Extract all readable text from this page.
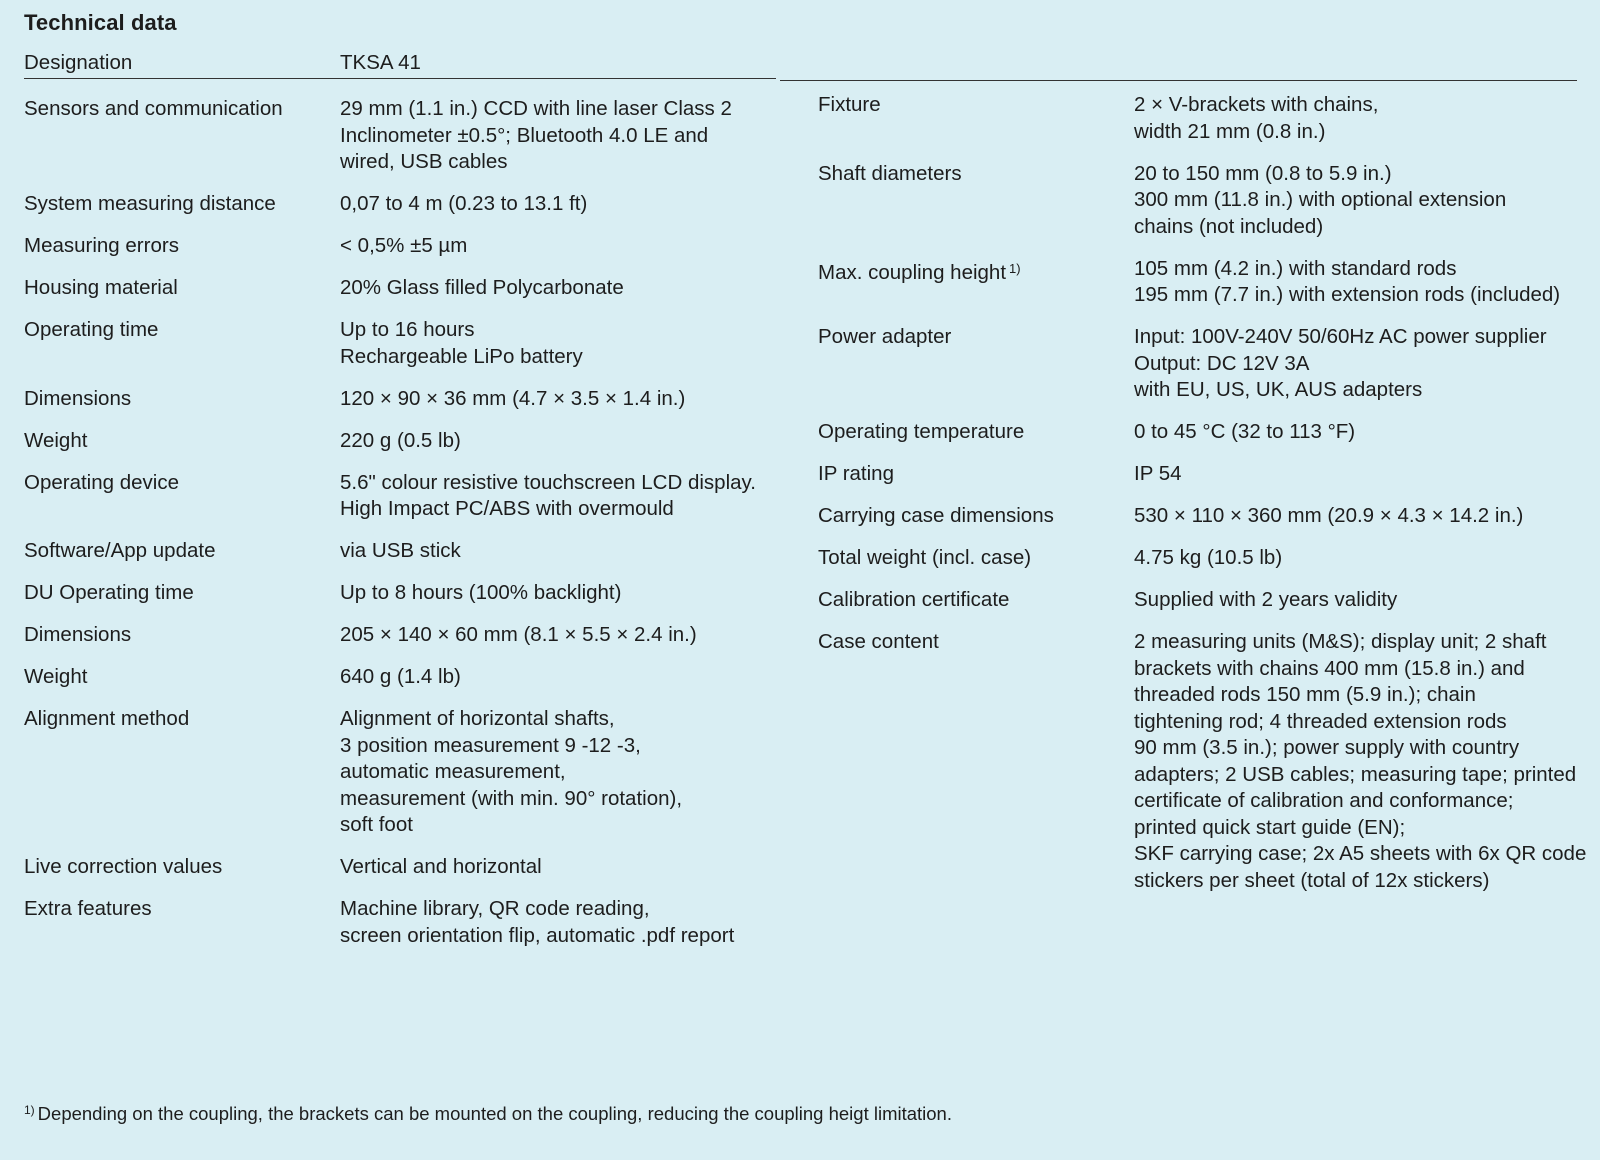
Technical data
Designation	TKSA 41
Sensors and communication	29 mm (1.1 in.) CCD with line laser Class 2
Inclinometer ±0.5°; Bluetooth 4.0 LE and
wired, USB cables
System measuring distance	0,07 to 4 m (0.23 to 13.1 ft)
Measuring errors	< 0,5% ±5 µm
Housing material	20% Glass filled Polycarbonate
Operating time	Up to 16 hours
Rechargeable LiPo battery
Dimensions	120 × 90 × 36 mm (4.7 × 3.5 × 1.4 in.)
Weight	220 g (0.5 lb)
Operating device	5.6" colour resistive touchscreen LCD display.
High Impact PC/ABS with overmould
Software/App update	via USB stick
DU Operating time	Up to 8 hours (100% backlight)
Dimensions	205 × 140 × 60 mm (8.1 × 5.5 × 2.4 in.)
Weight	640 g (1.4 lb)
Alignment method	Alignment of horizontal shafts,
3 position measurement 9 -12 -3,
automatic measurement,
measurement (with min. 90° rotation),
soft foot
Live correction values	Vertical and horizontal
Extra features	Machine library, QR code reading,
screen orientation flip, automatic .pdf report
Fixture	2 × V-brackets with chains,
width 21 mm (0.8 in.)
Shaft diameters	20 to 150 mm (0.8 to 5.9 in.)
300 mm (11.8 in.) with optional extension
chains (not included)
Max. coupling height $^{1)}$	105 mm (4.2 in.) with standard rods
195 mm (7.7 in.) with extension rods (included)
Power adapter	Input: 100V-240V 50/60Hz AC power supplier
Output: DC 12V 3A
with EU, US, UK, AUS adapters
Operating temperature	0 to 45 °C (32 to 113 °F)
IP rating	IP 54
Carrying case dimensions	530 × 110 × 360 mm (20.9 × 4.3 × 14.2 in.)
Total weight (incl. case)	4.75 kg (10.5 lb)
Calibration certificate	Supplied with 2 years validity
Case content	2 measuring units (M&S); display unit; 2 shaft
brackets with chains 400 mm (15.8 in.) and
threaded rods 150 mm (5.9 in.); chain
tightening rod; 4 threaded extension rods
90 mm (3.5 in.); power supply with country
adapters; 2 USB cables; measuring tape; printed
certificate of calibration and conformance;
printed quick start guide (EN);
SKF carrying case; 2x A5 sheets with 6x QR code
stickers per sheet (total of 12x stickers)
$^{1)}$ Depending on the coupling, the brackets can be mounted on the coupling, reducing the coupling heigt limitation.
